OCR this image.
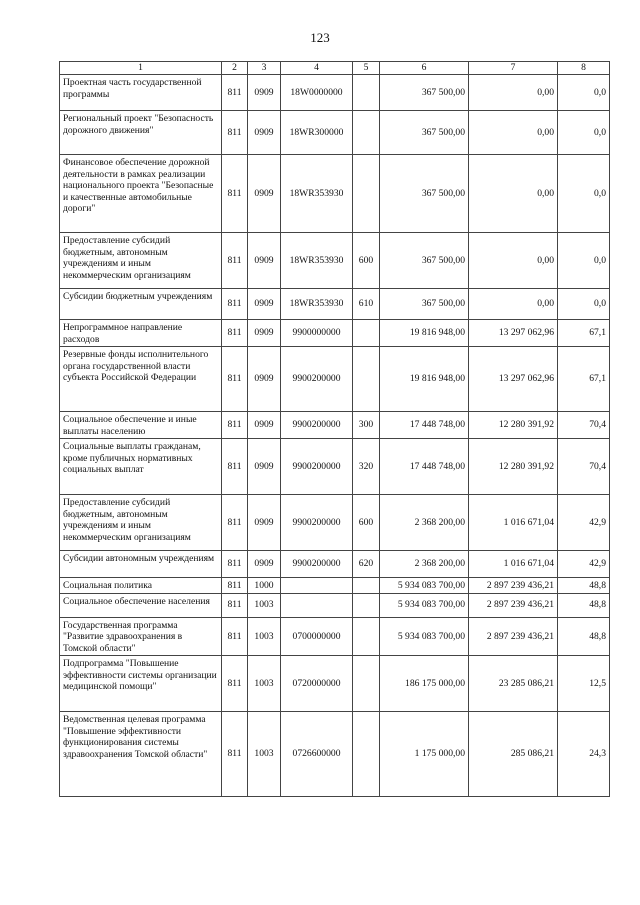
123
1	2	3	4	5	6	7	8
Проектная часть государственной программы	811	0909	18W0000000		367 500,00	0,00	0,0
Региональный проект "Безопасность дорожного движения"	811	0909	18WR300000		367 500,00	0,00	0,0
Финансовое обеспечение дорожной деятельности в рамках реализации национального проекта "Безопасные и качественные автомобильные дороги"	811	0909	18WR353930		367 500,00	0,00	0,0
Предоставление субсидий бюджетным, автономным учреждениям и иным некоммерческим организациям	811	0909	18WR353930	600	367 500,00	0,00	0,0
Субсидии бюджетным учреждениям	811	0909	18WR353930	610	367 500,00	0,00	0,0
Непрограммное направление расходов	811	0909	9900000000		19 816 948,00	13 297 062,96	67,1
Резервные фонды исполнительного органа государственной власти субъекта Российской Федерации	811	0909	9900200000		19 816 948,00	13 297 062,96	67,1
Социальное обеспечение и иные выплаты населению	811	0909	9900200000	300	17 448 748,00	12 280 391,92	70,4
Социальные выплаты гражданам, кроме публичных нормативных социальных выплат	811	0909	9900200000	320	17 448 748,00	12 280 391,92	70,4
Предоставление субсидий бюджетным, автономным учреждениям и иным некоммерческим организациям	811	0909	9900200000	600	2 368 200,00	1 016 671,04	42,9
Субсидии автономным учреждениям	811	0909	9900200000	620	2 368 200,00	1 016 671,04	42,9
Социальная политика	811	1000			5 934 083 700,00	2 897 239 436,21	48,8
Социальное обеспечение населения	811	1003			5 934 083 700,00	2 897 239 436,21	48,8
Государственная программа "Развитие здравоохранения в Томской области"	811	1003	0700000000		5 934 083 700,00	2 897 239 436,21	48,8
Подпрограмма "Повышение эффективности системы организации медицинской помощи"	811	1003	0720000000		186 175 000,00	23 285 086,21	12,5
Ведомственная целевая программа "Повышение эффективности функционирования системы здравоохранения Томской области"	811	1003	0726600000		1 175 000,00	285 086,21	24,3
